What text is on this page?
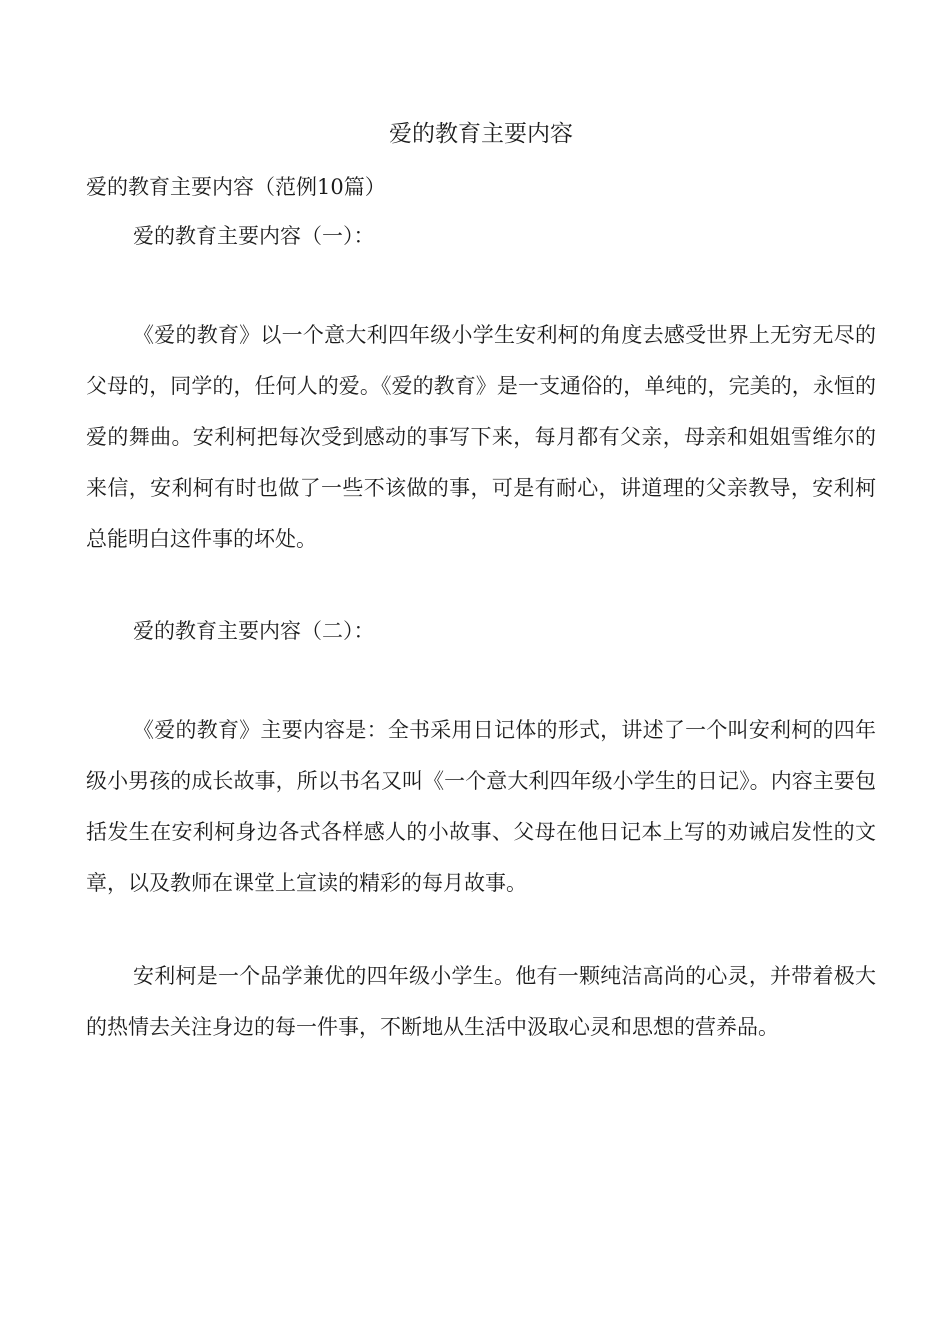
爱的教育主要内容

爱的教育主要内容（范例10篇）

爱的教育主要内容（一）：

《爱的教育》以一个意大利四年级小学生安利柯的角度去感受世界上无穷无尽的父母的，同学的，任何人的爱。《爱的教育》是一支通俗的，单纯的，完美的，永恒的爱的舞曲。安利柯把每次受到感动的事写下来，每月都有父亲，母亲和姐姐雪维尔的来信，安利柯有时也做了一些不该做的事，可是有耐心，讲道理的父亲教导，安利柯总能明白这件事的坏处。

爱的教育主要内容（二）：

《爱的教育》主要内容是：全书采用日记体的形式，讲述了一个叫安利柯的四年级小男孩的成长故事，所以书名又叫《一个意大利四年级小学生的日记》。内容主要包括发生在安利柯身边各式各样感人的小故事、父母在他日记本上写的劝诫启发性的文章，以及教师在课堂上宣读的精彩的每月故事。

安利柯是一个品学兼优的四年级小学生。他有一颗纯洁高尚的心灵，并带着极大的热情去关注身边的每一件事，不断地从生活中汲取心灵和思想的营养品。
